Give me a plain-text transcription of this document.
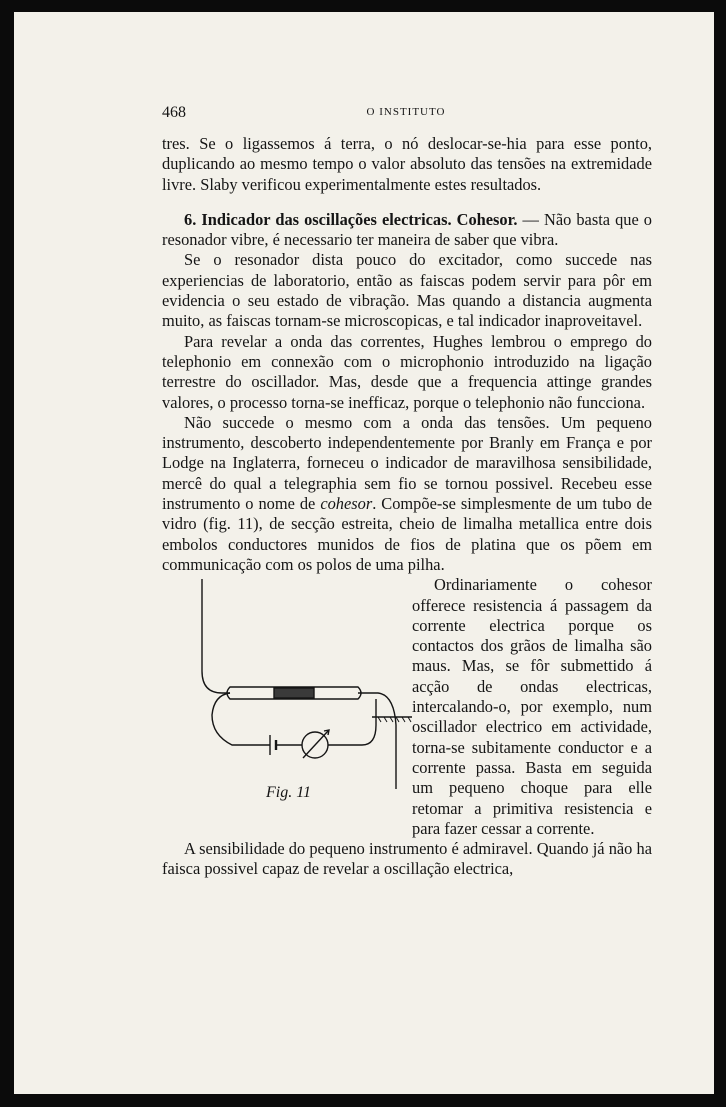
468	O INSTITUTO

tres. Se o ligassemos á terra, o nó deslocar-se-hia para esse ponto, duplicando ao mesmo tempo o valor absoluto das tensões na extremidade livre. Slaby verificou experimentalmente estes resultados.

6. Indicador das oscillações electricas. Cohesor. — Não basta que o resonador vibre, é necessario ter maneira de saber que vibra.

Se o resonador dista pouco do excitador, como succede nas experiencias de laboratorio, então as faiscas podem servir para pôr em evidencia o seu estado de vibração. Mas quando a distancia augmenta muito, as faiscas tornam-se microscopicas, e tal indicador inaproveitavel.

Para revelar a onda das correntes, Hughes lembrou o emprego do telephonio em connexão com o microphonio introduzido na ligação terrestre do oscillador. Mas, desde que a frequencia attinge grandes valores, o processo torna-se inefficaz, porque o telephonio não funcciona.

Não succede o mesmo com a onda das tensões. Um pequeno instrumento, descoberto independentemente por Branly em França e por Lodge na Inglaterra, forneceu o indicador de maravilhosa sensibilidade, mercê do qual a telegraphia sem fio se tornou possivel. Recebeu esse instrumento o nome de cohesor. Compõe-se simplesmente de um tubo de vidro (fig. 11), de secção estreita, cheio de limalha metallica entre dois embolos conductores munidos de fios de platina que os põem em communicação com os polos de uma pilha.

Fig. 11

Ordinariamente o cohesor offerece resistencia á passagem da corrente electrica porque os contactos dos grãos de limalha são maus. Mas, se fôr submettido á acção de ondas electricas, intercalando-o, por exemplo, num oscillador electrico em actividade, torna-se subitamente conductor e a corrente passa. Basta em seguida um pequeno choque para elle retomar a primitiva resistencia e para fazer cessar a corrente.

A sensibilidade do pequeno instrumento é admiravel. Quando já não ha faisca possivel capaz de revelar a oscillação electrica,
